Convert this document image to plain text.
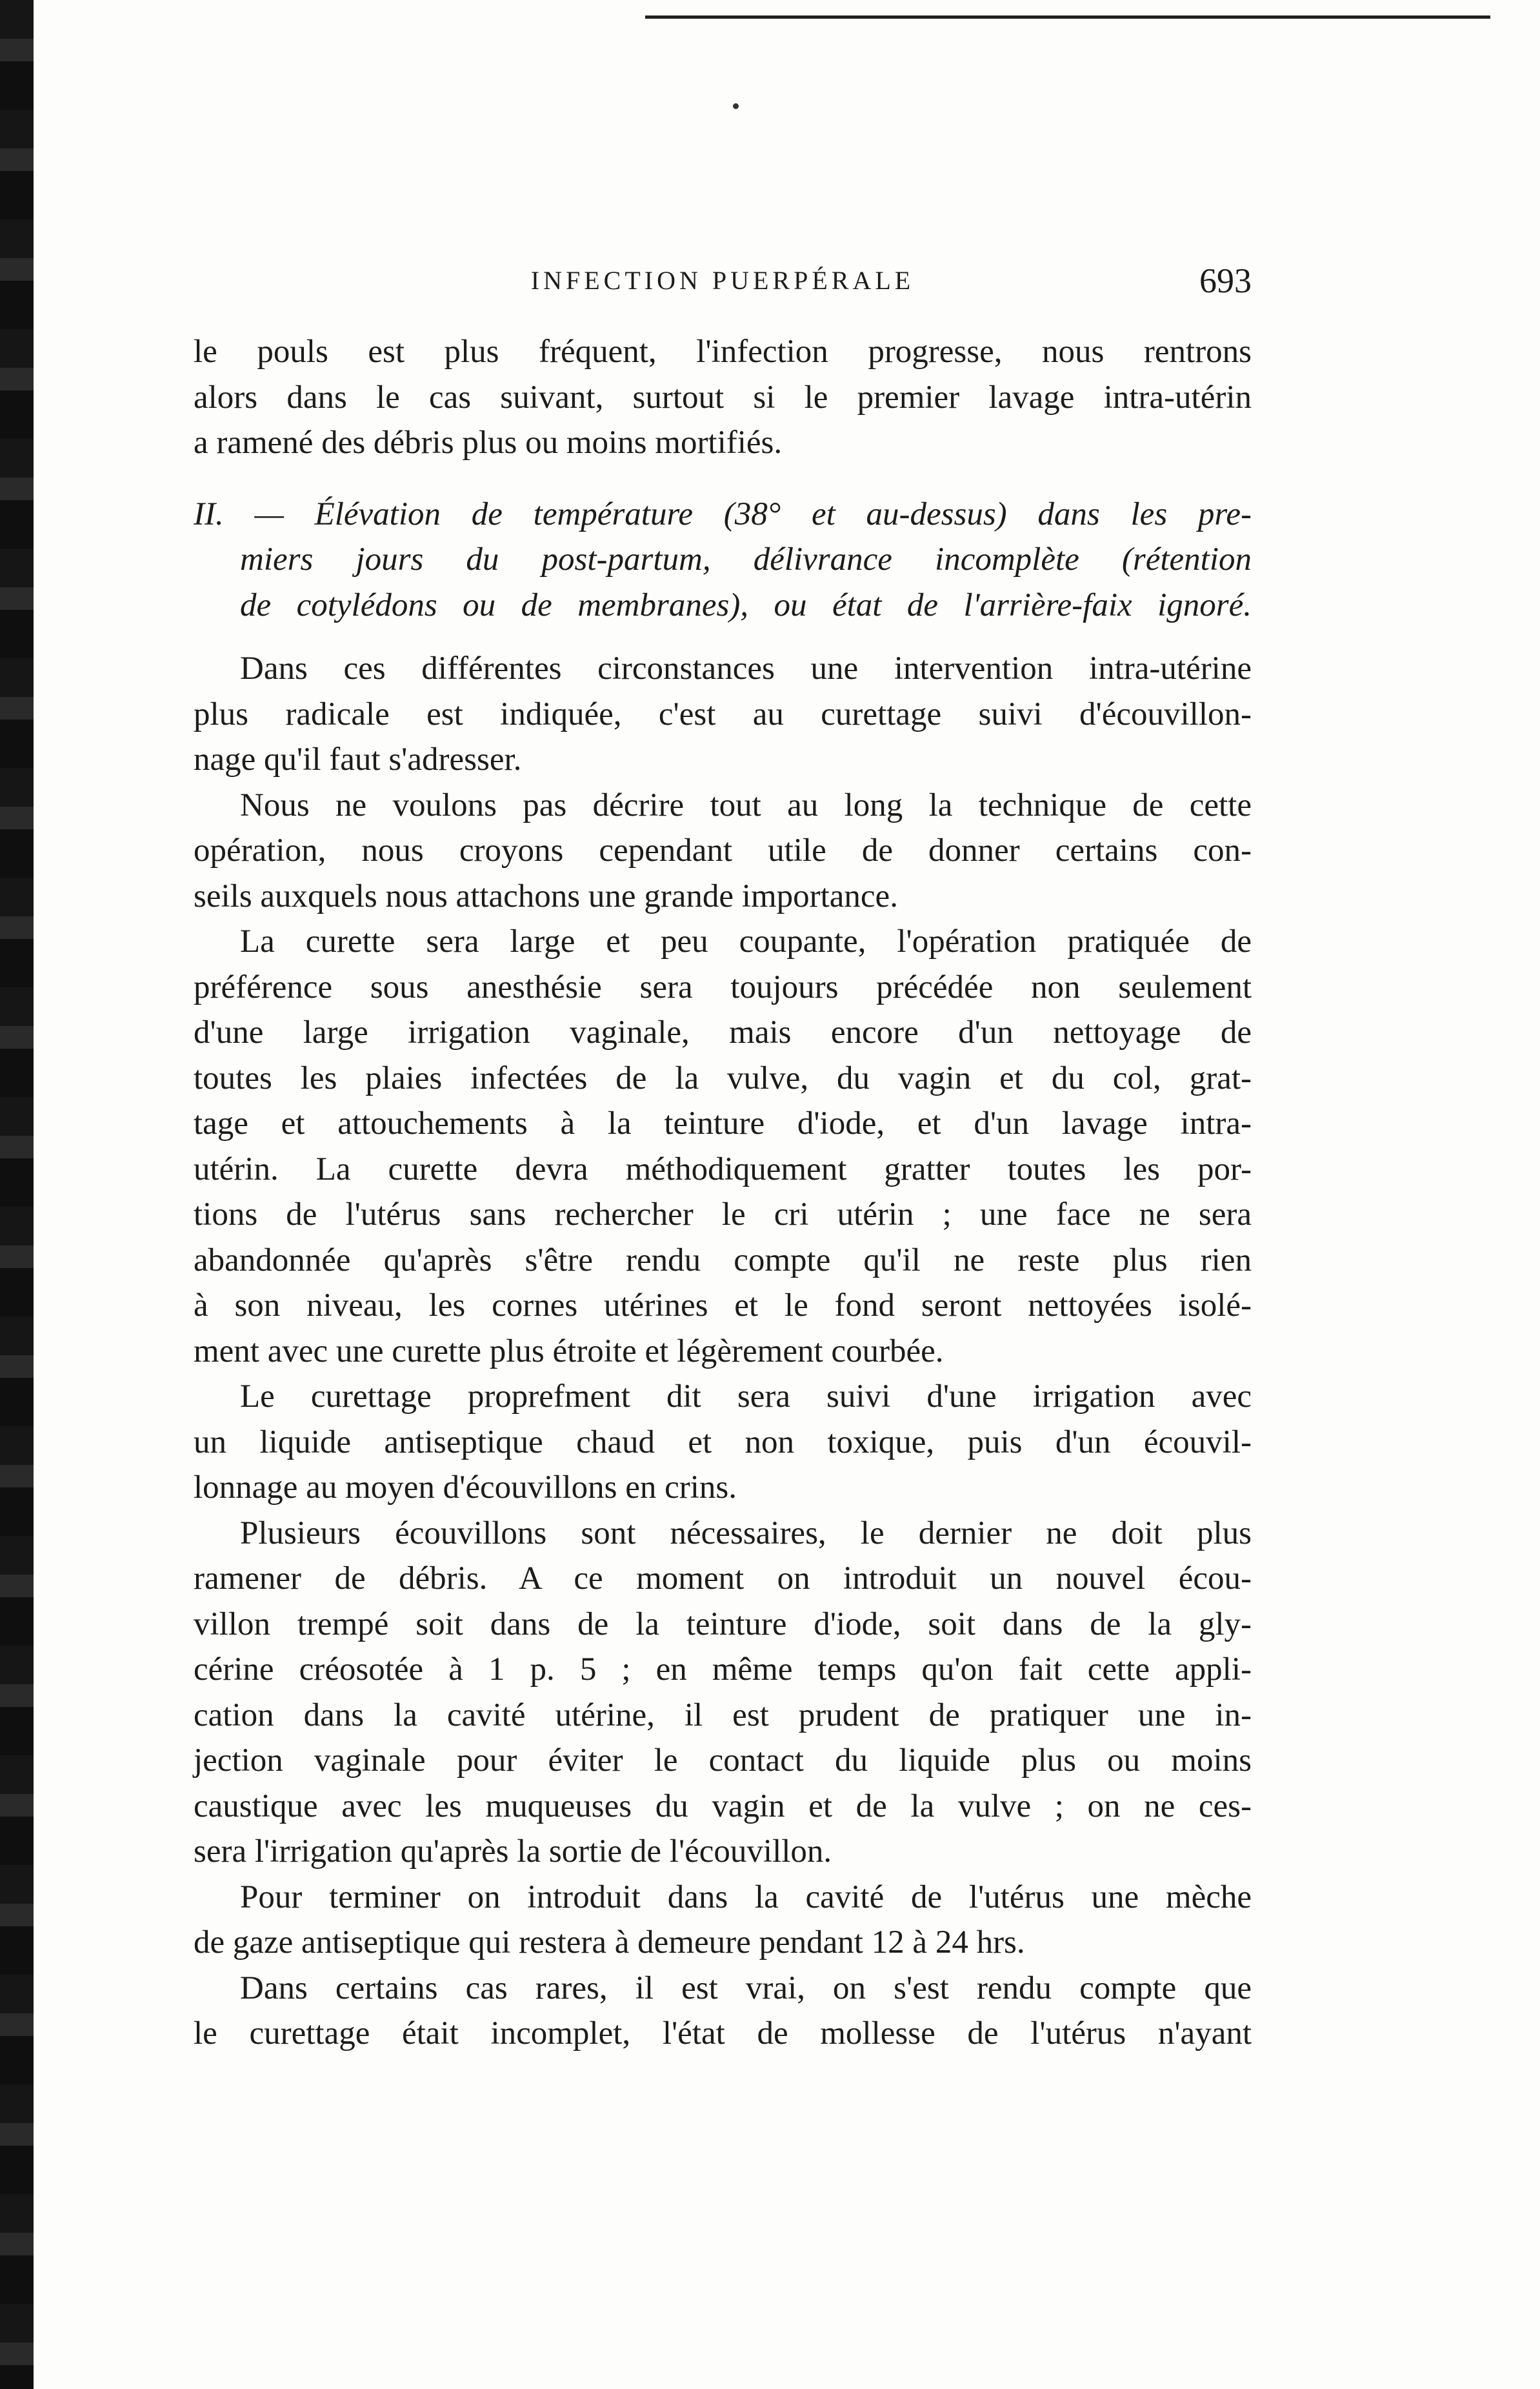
INFECTION PUERPÉRALE	693
le pouls est plus fréquent, l'infection progresse, nous rentrons
alors dans le cas suivant, surtout si le premier lavage intra-utérin
a ramené des débris plus ou moins mortifiés.
II. — Élévation de température (38° et au-dessus) dans les pre-
miers jours du post-partum, délivrance incomplète (rétention
de cotylédons ou de membranes), ou état de l'arrière-faix ignoré.
Dans ces différentes circonstances une intervention intra-utérine
plus radicale est indiquée, c'est au curettage suivi d'écouvillon-
nage qu'il faut s'adresser.
Nous ne voulons pas décrire tout au long la technique de cette
opération, nous croyons cependant utile de donner certains con-
seils auxquels nous attachons une grande importance.
La curette sera large et peu coupante, l'opération pratiquée de
préférence sous anesthésie sera toujours précédée non seulement
d'une large irrigation vaginale, mais encore d'un nettoyage de
toutes les plaies infectées de la vulve, du vagin et du col, grat-
tage et attouchements à la teinture d'iode, et d'un lavage intra-
utérin. La curette devra méthodiquement gratter toutes les por-
tions de l'utérus sans rechercher le cri utérin ; une face ne sera
abandonnée qu'après s'être rendu compte qu'il ne reste plus rien
à son niveau, les cornes utérines et le fond seront nettoyées isolé-
ment avec une curette plus étroite et légèrement courbée.
Le curettage proprefment dit sera suivi d'une irrigation avec
un liquide antiseptique chaud et non toxique, puis d'un écouvil-
lonnage au moyen d'écouvillons en crins.
Plusieurs écouvillons sont nécessaires, le dernier ne doit plus
ramener de débris. A ce moment on introduit un nouvel écou-
villon trempé soit dans de la teinture d'iode, soit dans de la gly-
cérine créosotée à 1 p. 5 ; en même temps qu'on fait cette appli-
cation dans la cavité utérine, il est prudent de pratiquer une in-
jection vaginale pour éviter le contact du liquide plus ou moins
caustique avec les muqueuses du vagin et de la vulve ; on ne ces-
sera l'irrigation qu'après la sortie de l'écouvillon.
Pour terminer on introduit dans la cavité de l'utérus une mèche
de gaze antiseptique qui restera à demeure pendant 12 à 24 hrs.
Dans certains cas rares, il est vrai, on s'est rendu compte que
le curettage était incomplet, l'état de mollesse de l'utérus n'ayant
